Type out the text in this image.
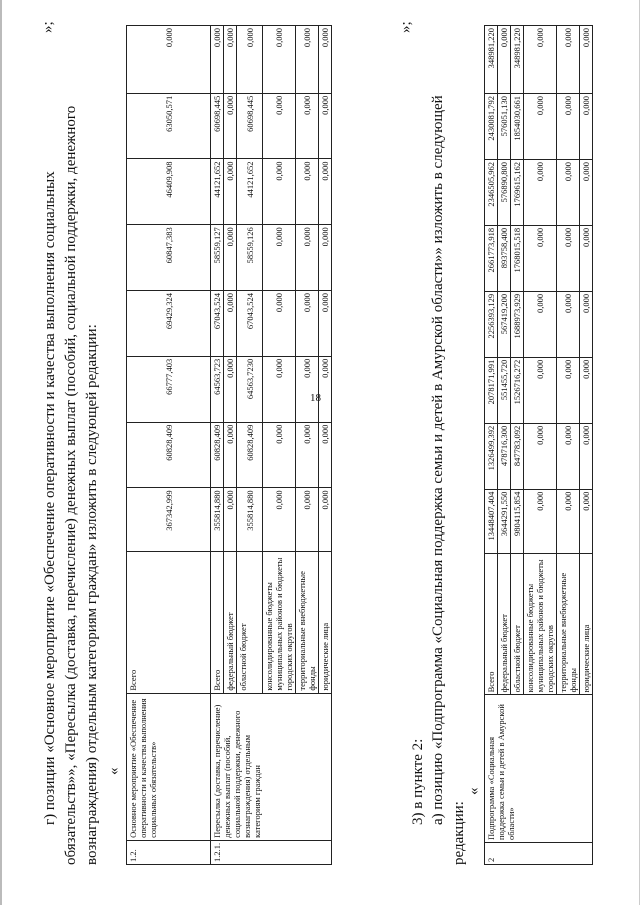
18
г) позиции «Основное мероприятие «Обеспечение оперативности и качества выполнения социальных обязательств»», «Пересылка (доставка, перечисление) денежных выплат (пособий, социальной поддержки, денежного вознаграждения) отдельным категориям граждан» изложить в следующей редакции:
»;
«
1.2.	Основное мероприятие «Обеспечение оперативности и качества выполнения социальных обязательств»	Всего	367342,999	60828,409	66777,403	69429,324	60847,383	46409,908	63050,571	0,000
1.2.1.	Пересылка (доставка, перечисление) денежных выплат (пособий, социальной поддержки, денежного вознаграждения) отдельным категориям граждан	Всего	355814,880	60828,409	64563,723	67043,524	58559,127	44121,652	60698,445	0,000
		федеральный бюджет	0,000	0,000	0,000	0,000	0,000	0,000	0,000	0,000
		областной бюджет	355814,880	60828,409	64563,7230	67043,524	58559,126	44121,652	60698,445	0,000
		консолидированные бюджеты муниципальных районов и бюджеты городских округов	0,000	0,000	0,000	0,000	0,000	0,000	0,000	0,000
		территориальные внебюджетные фонды	0,000	0,000	0,000	0,000	0,000	0,000	0,000	0,000
		юридические лица	0,000	0,000	0,000	0,000	0,000	0,000	0,000	0,000
»;
3) в пункте 2: а) позицию «Подпрограмма «Социальная поддержка семьи и детей в Амурской области»» изложить в следующей
редакции:
«
2	Подпрограмма «Социальная поддержка семьи и детей в Амурской области»	Всего	13448407,404	1326499,392	2078171,991	2256393,129	2661773,918	2346505,962	2430081,792	348981,220
		федеральный бюджет	3644291,550	478716,300	551455,720	567419,200	893758,400	576890,800	576051,130	0,000
		областной бюджет	9804115,854	847783,092	1526716,272	1688973,929	1768015,518	1769615,162	1854030,661	348981,220
		консолидированные бюджеты муниципальных районов и бюджеты городских округов	0,000	0,000	0,000	0,000	0,000	0,000	0,000	0,000
		территориальные внебюджетные фонды	0,000	0,000	0,000	0,000	0,000	0,000	0,000	0,000
		юридические лица	0,000	0,000	0,000	0,000	0,000	0,000	0,000	0,000
